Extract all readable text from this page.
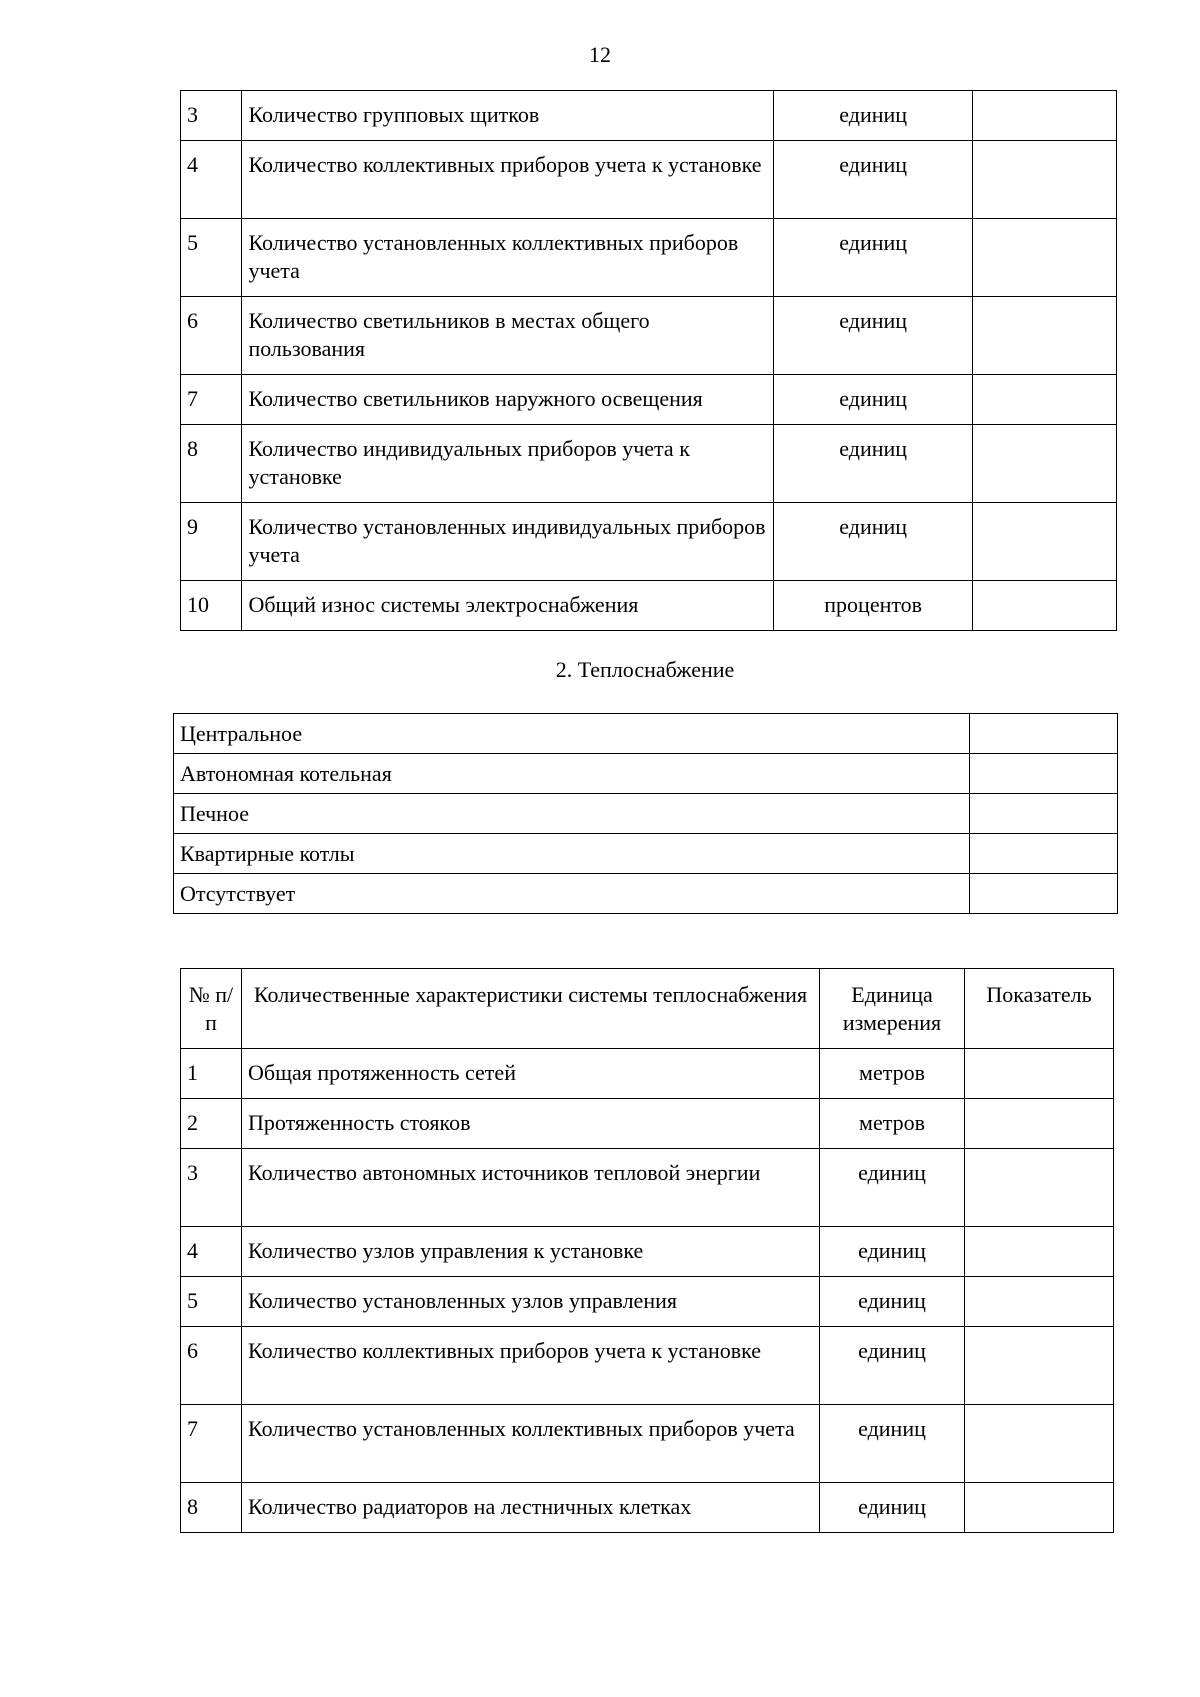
12
3	Количество групповых щитков	единиц	
4	Количество коллективных приборов учета к установке	единиц	
5	Количество установленных коллективных приборов учета	единиц	
6	Количество светильников в местах общего пользования	единиц	
7	Количество светильников наружного освещения	единиц	
8	Количество индивидуальных приборов учета к установке	единиц	
9	Количество установленных индивидуальных приборов учета	единиц	
10	Общий износ системы электроснабжения	процентов	
2. Теплоснабжение
Центральное	
Автономная котельная	
Печное	
Квартирные котлы	
Отсутствует	
№ п/п	Количественные характеристики системы теплоснабжения	Единица измерения	Показатель
1	Общая протяженность сетей	метров	
2	Протяженность стояков	метров	
3	Количество автономных источников тепловой энергии	единиц	
4	Количество узлов управления к установке	единиц	
5	Количество установленных узлов управления	единиц	
6	Количество коллективных приборов учета к установке	единиц	
7	Количество установленных коллективных приборов учета	единиц	
8	Количество радиаторов на лестничных клетках	единиц	
